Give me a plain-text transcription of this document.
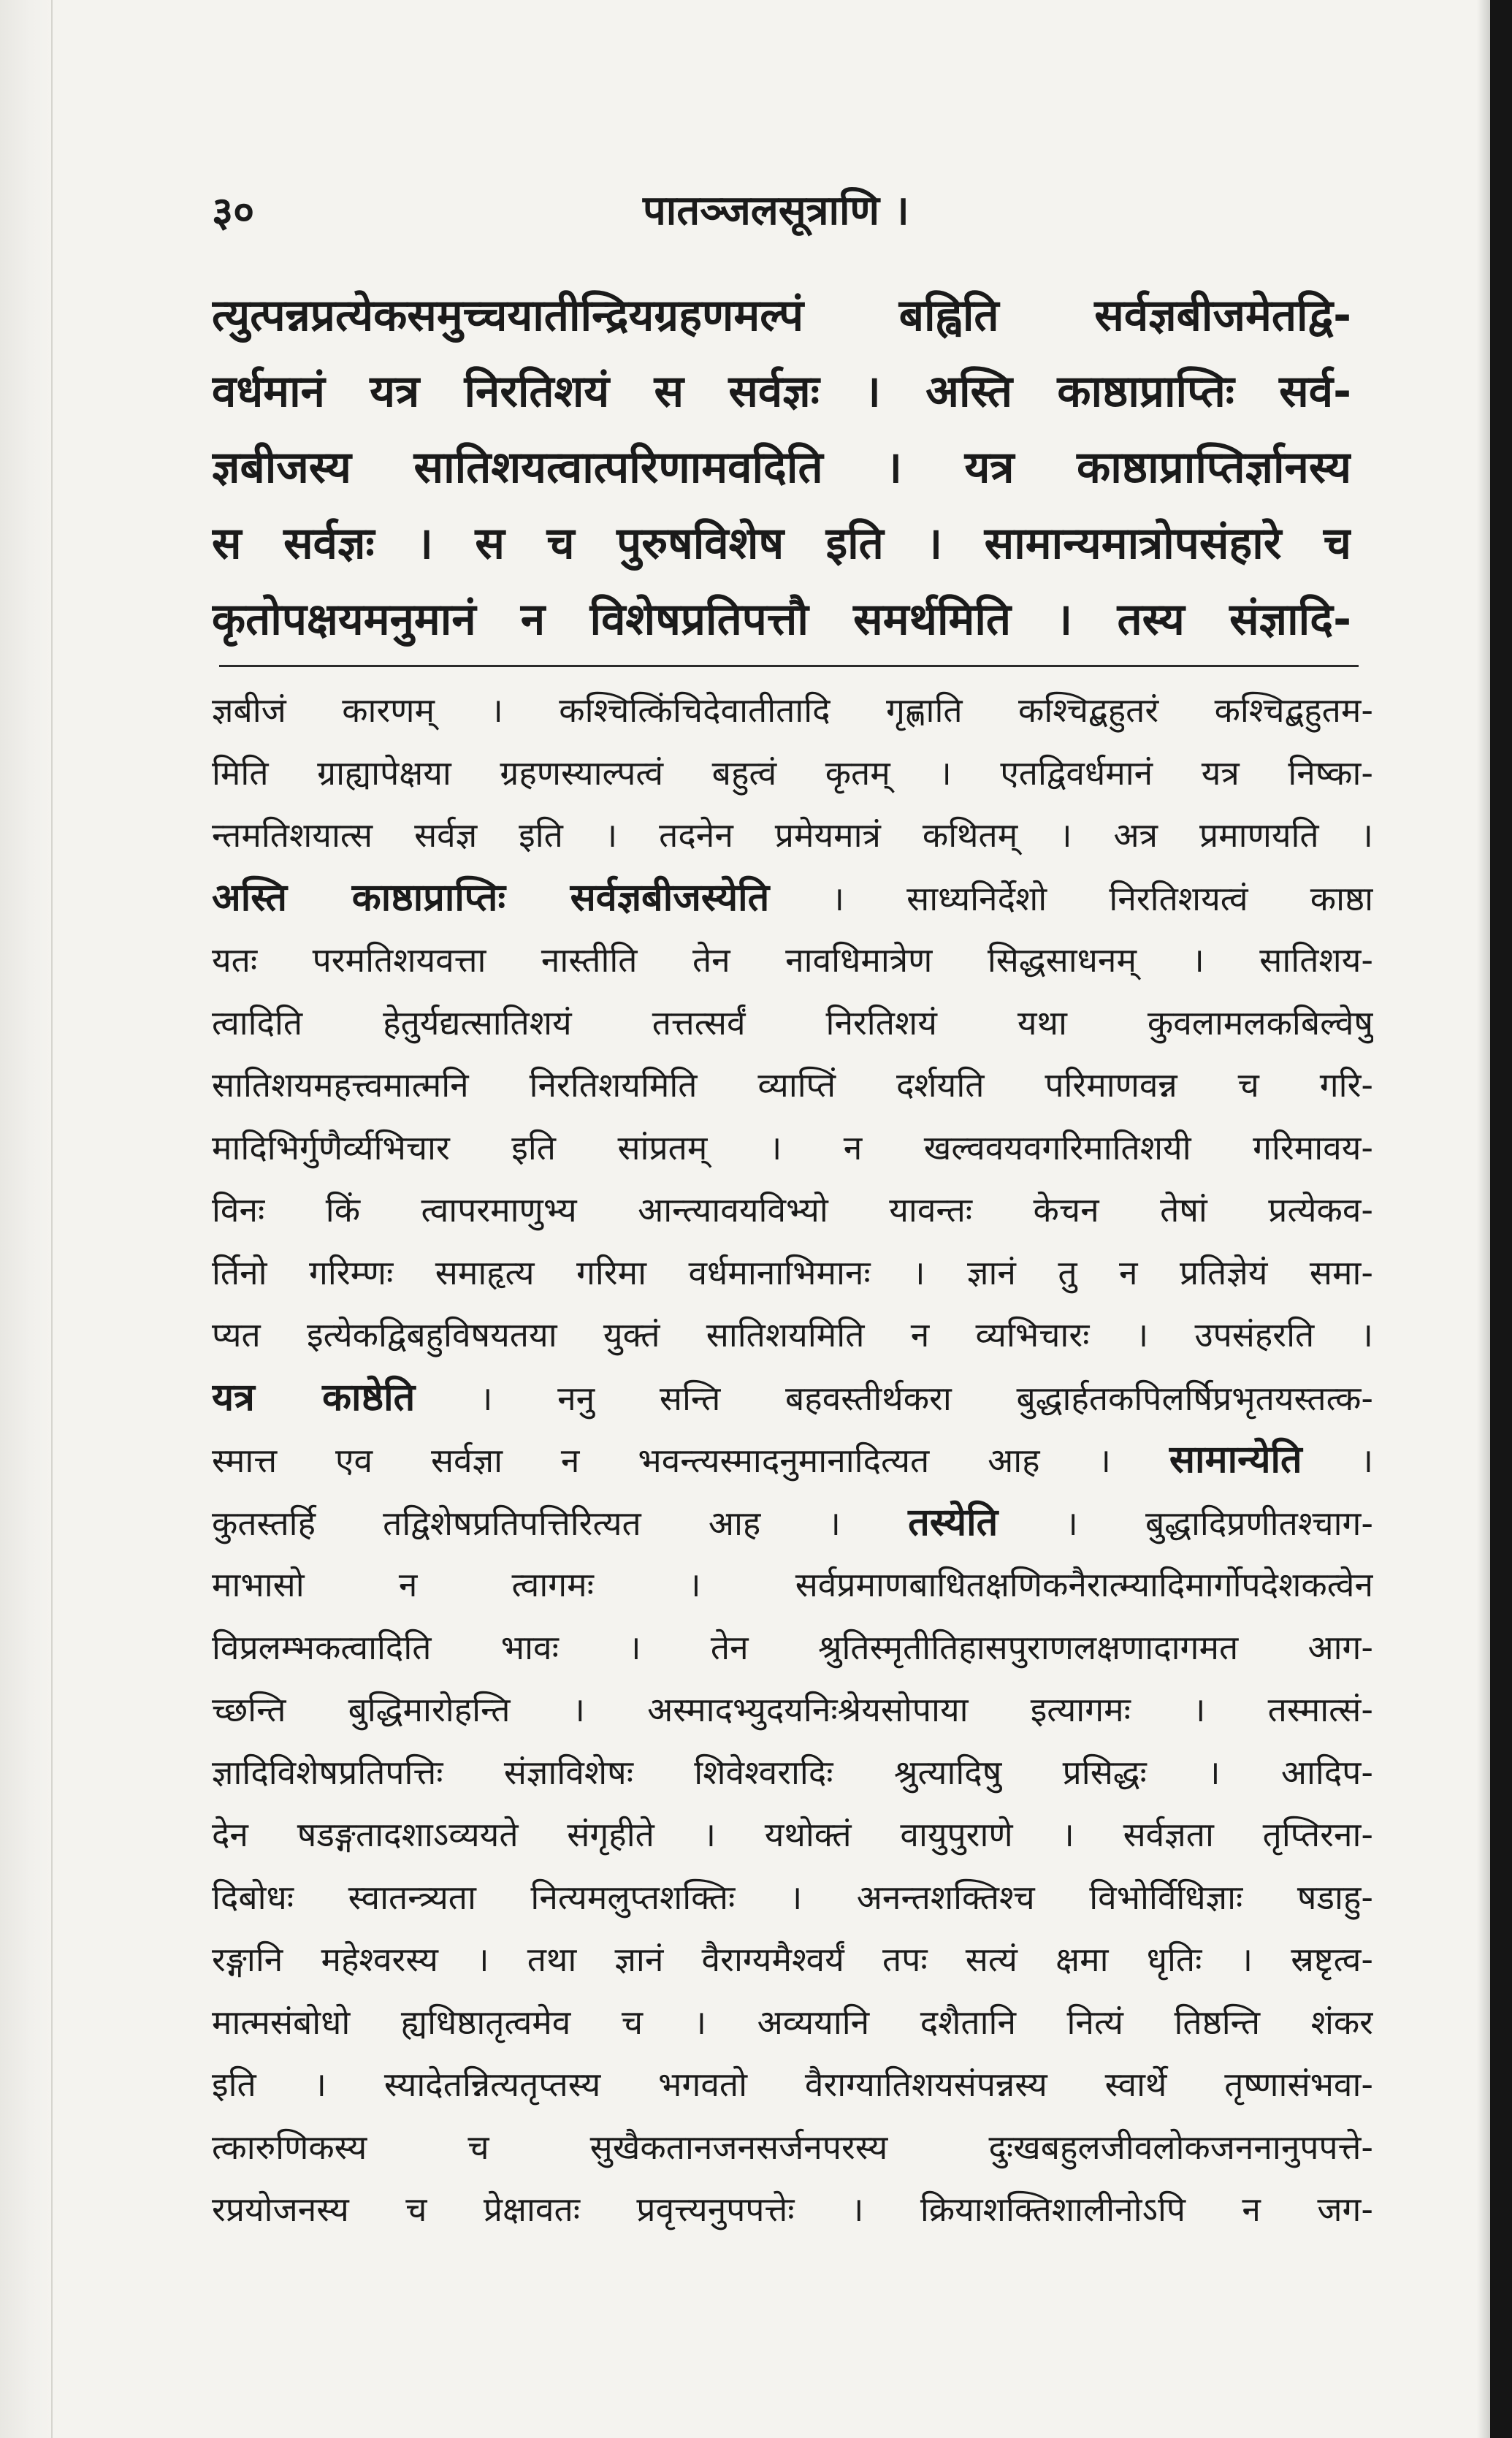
३०	पातञ्जलसूत्राणि ।
त्युत्पन्नप्रत्येकसमुच्चयातीन्द्रियग्रहणमल्पं बह्विति सर्वज्ञबीजमेतद्वि-
वर्धमानं यत्र निरतिशयं स सर्वज्ञः । अस्ति काष्ठाप्राप्तिः सर्व-
ज्ञबीजस्य सातिशयत्वात्परिणामवदिति । यत्र काष्ठाप्राप्तिर्ज्ञानस्य
स सर्वज्ञः । स च पुरुषविशेष इति । सामान्यमात्रोपसंहारे च
कृतोपक्षयमनुमानं न विशेषप्रतिपत्तौ समर्थमिति । तस्य संज्ञादि-
ज्ञबीजं कारणम् । कश्चित्किंचिदेवातीतादि गृह्णाति कश्चिद्बहुतरं कश्चिद्बहुतम-
मिति ग्राह्यापेक्षया ग्रहणस्याल्पत्वं बहुत्वं कृतम् । एतद्विवर्धमानं यत्र निष्का-
न्तमतिशयात्स सर्वज्ञ इति । तदनेन प्रमेयमात्रं कथितम् । अत्र प्रमाणयति ।
अस्ति काष्ठाप्राप्तिः सर्वज्ञबीजस्येति । साध्यनिर्देशो निरतिशयत्वं काष्ठा
यतः परमतिशयवत्ता नास्तीति तेन नावधिमात्रेण सिद्धसाधनम् । सातिशय-
त्वादिति हेतुर्यद्यत्सातिशयं तत्तत्सर्वं निरतिशयं यथा कुवलामलकबिल्वेषु
सातिशयमहत्त्वमात्मनि निरतिशयमिति व्याप्तिं दर्शयति परिमाणवन्न च गरि-
मादिभिर्गुणैर्व्यभिचार इति सांप्रतम् । न खल्ववयवगरिमातिशयी गरिमावय-
विनः किं त्वापरमाणुभ्य आन्त्यावयविभ्यो यावन्तः केचन तेषां प्रत्येकव-
र्तिनो गरिम्णः समाहृत्य गरिमा वर्धमानाभिमानः । ज्ञानं तु न प्रतिज्ञेयं समा-
प्यत इत्येकद्विबहुविषयतया युक्तं सातिशयमिति न व्यभिचारः । उपसंहरति ।
यत्र काष्ठेति । ननु सन्ति बहवस्तीर्थकरा बुद्धार्हतकपिलर्षिप्रभृतयस्तत्क-
स्मात्त एव सर्वज्ञा न भवन्त्यस्मादनुमानादित्यत आह । सामान्येति ।
कुतस्तर्हि तद्विशेषप्रतिपत्तिरित्यत आह । तस्येति । बुद्धादिप्रणीतश्चाग-
माभासो न त्वागमः । सर्वप्रमाणबाधितक्षणिकनैरात्म्यादिमार्गोपदेशकत्वेन
विप्रलम्भकत्वादिति भावः । तेन श्रुतिस्मृतीतिहासपुराणलक्षणादागमत आग-
च्छन्ति बुद्धिमारोहन्ति । अस्मादभ्युदयनिःश्रेयसोपाया इत्यागमः । तस्मात्सं-
ज्ञादिविशेषप्रतिपत्तिः संज्ञाविशेषः शिवेश्वरादिः श्रुत्यादिषु प्रसिद्धः । आदिप-
देन षडङ्गतादशाऽव्ययते संगृहीते । यथोक्तं वायुपुराणे । सर्वज्ञता तृप्तिरना-
दिबोधः स्वातन्त्र्यता नित्यमलुप्तशक्तिः । अनन्तशक्तिश्च विभोर्विधिज्ञाः षडाहु-
रङ्गानि महेश्वरस्य । तथा ज्ञानं वैराग्यमैश्वर्यं तपः सत्यं क्षमा धृतिः । स्रष्टृत्व-
मात्मसंबोधो ह्यधिष्ठातृत्वमेव च । अव्ययानि दशैतानि नित्यं तिष्ठन्ति शंकर
इति । स्यादेतन्नित्यतृप्तस्य भगवतो वैराग्यातिशयसंपन्नस्य स्वार्थे तृष्णासंभवा-
त्कारुणिकस्य च सुखैकतानजनसर्जनपरस्य दुःखबहुलजीवलोकजननानुपपत्ते-
रप्रयोजनस्य च प्रेक्षावतः प्रवृत्त्यनुपपत्तेः । क्रियाशक्तिशालीनोऽपि न जग-
